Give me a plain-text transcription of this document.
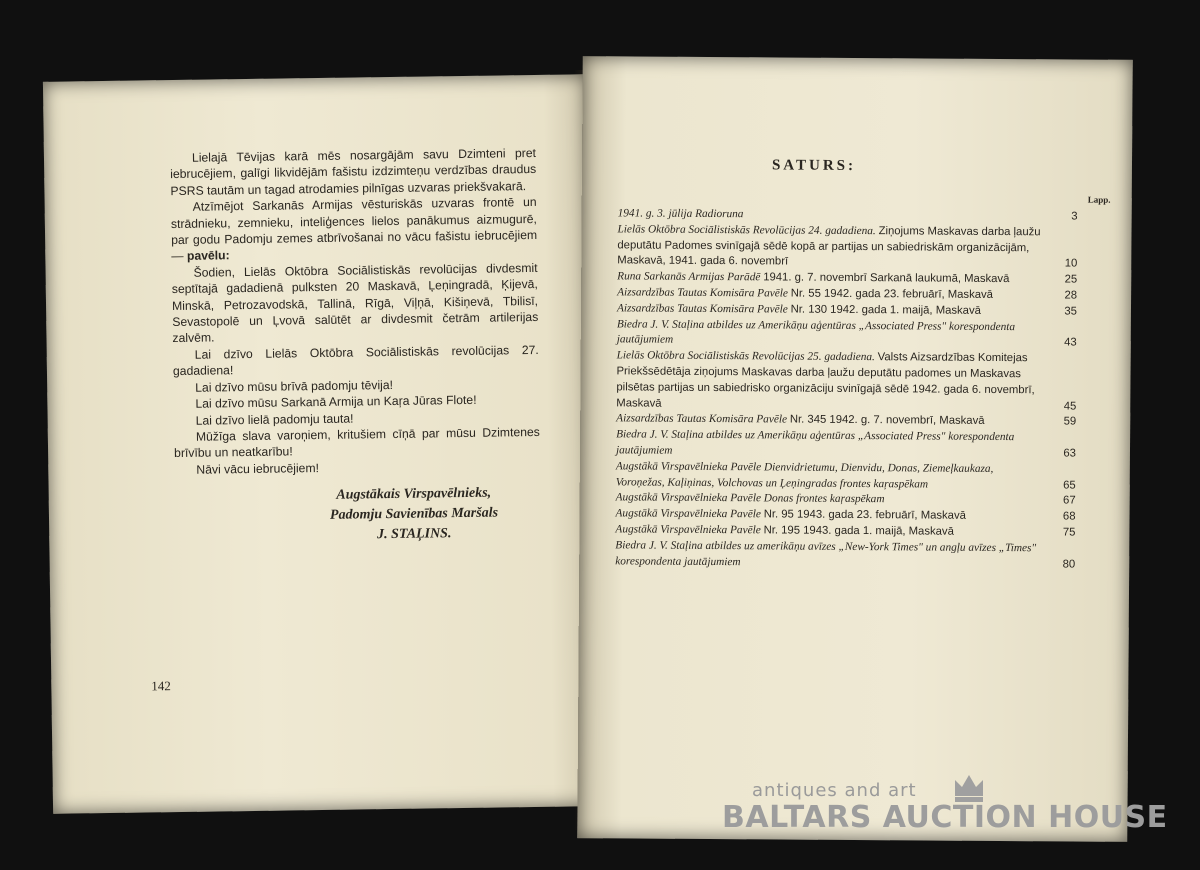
Lielajā Tēvijas karā mēs nosargājām savu Dzimteni pret iebrucējiem, galīgi likvidējām fašistu izdzimteņu verdzības draudus PSRS tautām un tagad atrodamies pilnīgas uzvaras priekšvakarā.

Atzīmējot Sarkanās Armijas vēsturiskās uzvaras frontē un strādnieku, zemnieku, inteliģences lielos panākumus aizmugurē, par godu Padomju zemes atbrīvošanai no vācu fašistu iebrucējiem — pavēlu:

Šodien, Lielās Oktōbra Sociālistiskās revolūcijas divdesmit septītajā gadadienā pulksten 20 Maskavā, Ļeņingradā, Ķijevā, Minskā, Petrozavodskā, Tallinā, Rīgā, Viļņā, Kišiņevā, Tbilisī, Sevastopolē un Ļvovā salūtēt ar divdesmit četrām artilerijas zalvēm.

Lai dzīvo Lielās Oktōbra Sociālistiskās revolūcijas 27. gadadiena!

Lai dzīvo mūsu brīvā padomju tēvija!

Lai dzīvo mūsu Sarkanā Armija un Kaŗa Jūras Flote!

Lai dzīvo lielā padomju tauta!

Mūžīga slava varoņiem, kritušiem cīņā par mūsu Dzimtenes brīvību un neatkarību!

Nāvi vācu iebrucējiem!

Augstākais Virspavēlnieks,
Padomju Savienības Maršals
J. STAĻINS.
142
SATURS:
Lapp.

1941. g. 3. jūlija Radioruna	3

Lielās Oktōbra Sociālistiskās Revolūcijas 24. gadadiena. Ziņojums Maskavas darba ļaužu deputātu Padomes svinīgajā sēdē kopā ar partijas un sabiedriskām organizācijām, Maskavā, 1941. gada 6. novembrī	10

Runa Sarkanās Armijas Parādē 1941. g. 7. novembrī Sarkanā laukumā, Maskavā	25

Aizsardzības Tautas Komisāra Pavēle Nr. 55 1942. gada 23. februārī, Maskavā	28

Aizsardzības Tautas Komisāra Pavēle Nr. 130 1942. gada 1. maijā, Maskavā	35

Biedra J. V. Staļina atbildes uz Amerikāņu aģentūras „Associated Press" korespondenta jautājumiem	43

Lielās Oktōbra Sociālistiskās Revolūcijas 25. gadadiena. Valsts Aizsardzības Komitejas Priekšsēdētāja ziņojums Maskavas darba ļaužu deputātu padomes un Maskavas pilsētas partijas un sabiedrisko organizāciju svinīgajā sēdē 1942. gada 6. novembrī, Maskavā	45

Aizsardzības Tautas Komisāra Pavēle Nr. 345 1942. g. 7. novembrī, Maskavā	59

Biedra J. V. Staļina atbildes uz Amerikāņu aģentūras „Associated Press" korespondenta jautājumiem	63

Augstākā Virspavēlnieka Pavēle Dienvidrietumu, Dienvidu, Donas, Ziemeļkaukaza, Voroņežas, Kaļiņinas, Volchovas un Ļeņingradas frontes kaŗaspēkam	65

Augstākā Virspavēlnieka Pavēle Donas frontes kaŗaspēkam	67

Augstākā Virspavēlnieka Pavēle Nr. 95 1943. gada 23. februārī, Maskavā	68

Augstākā Virspavēlnieka Pavēle Nr. 195 1943. gada 1. maijā, Maskavā	75

Biedra J. V. Staļina atbildes uz amerikāņu avīzes „New-York Times" un angļu avīzes „Times" korespondenta jautājumiem	80

antiques and art
BALTARS AUCTION HOUSE
